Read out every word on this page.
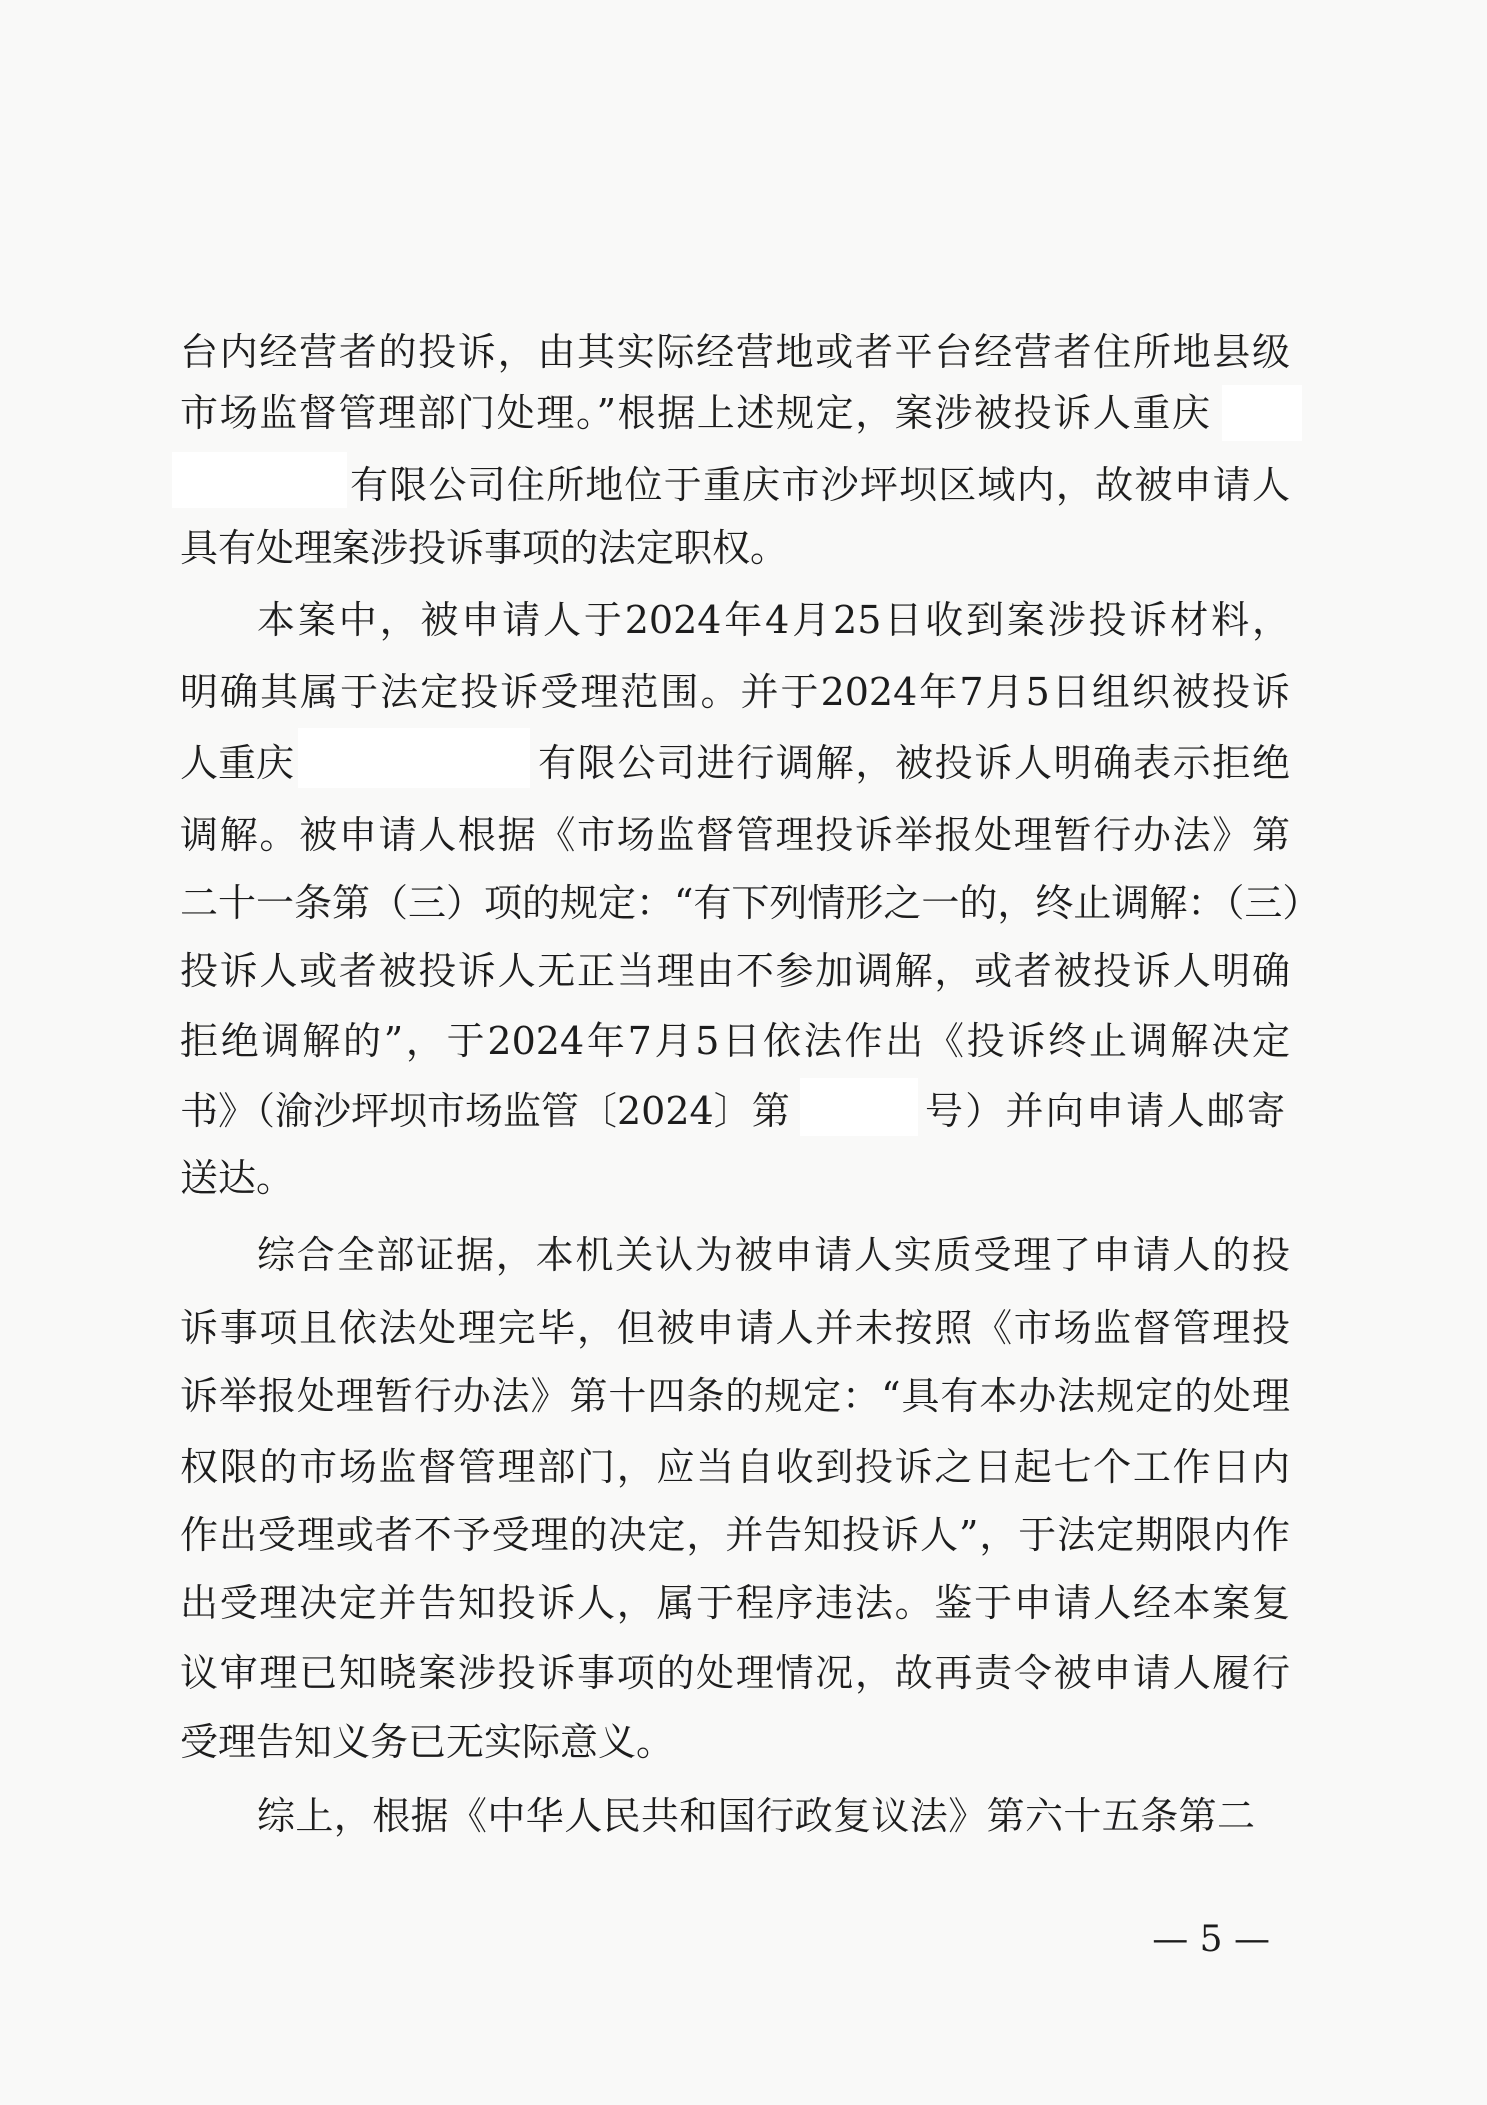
台内经营者的投诉，由其实际经营地或者平台经营者住所地县级
市场监督管理部门处理。”根据上述规定，案涉被投诉人重庆
有限公司住所地位于重庆市沙坪坝区域内，故被申请人
具有处理案涉投诉事项的法定职权。
本案中，被申请人于2024年4月25日收到案涉投诉材料，
明确其属于法定投诉受理范围。并于2024年7月5日组织被投诉
人重庆	有限公司进行调解，被投诉人明确表示拒绝
调解。被申请人根据《市场监督管理投诉举报处理暂行办法》第
二十一条第（三）项的规定：“有下列情形之一的，终止调解：（三）
投诉人或者被投诉人无正当理由不参加调解，或者被投诉人明确
拒绝调解的”，于2024年7月5日依法作出《投诉终止调解决定
书》（渝沙坪坝市场监管〔2024〕第	号）并向申请人邮寄
送达。
综合全部证据，本机关认为被申请人实质受理了申请人的投
诉事项且依法处理完毕，但被申请人并未按照《市场监督管理投
诉举报处理暂行办法》第十四条的规定：“具有本办法规定的处理
权限的市场监督管理部门，应当自收到投诉之日起七个工作日内
作出受理或者不予受理的决定，并告知投诉人”，于法定期限内作
出受理决定并告知投诉人，属于程序违法。鉴于申请人经本案复
议审理已知晓案涉投诉事项的处理情况，故再责令被申请人履行
受理告知义务已无实际意义。
综上，根据《中华人民共和国行政复议法》第六十五条第二
— 5 —
